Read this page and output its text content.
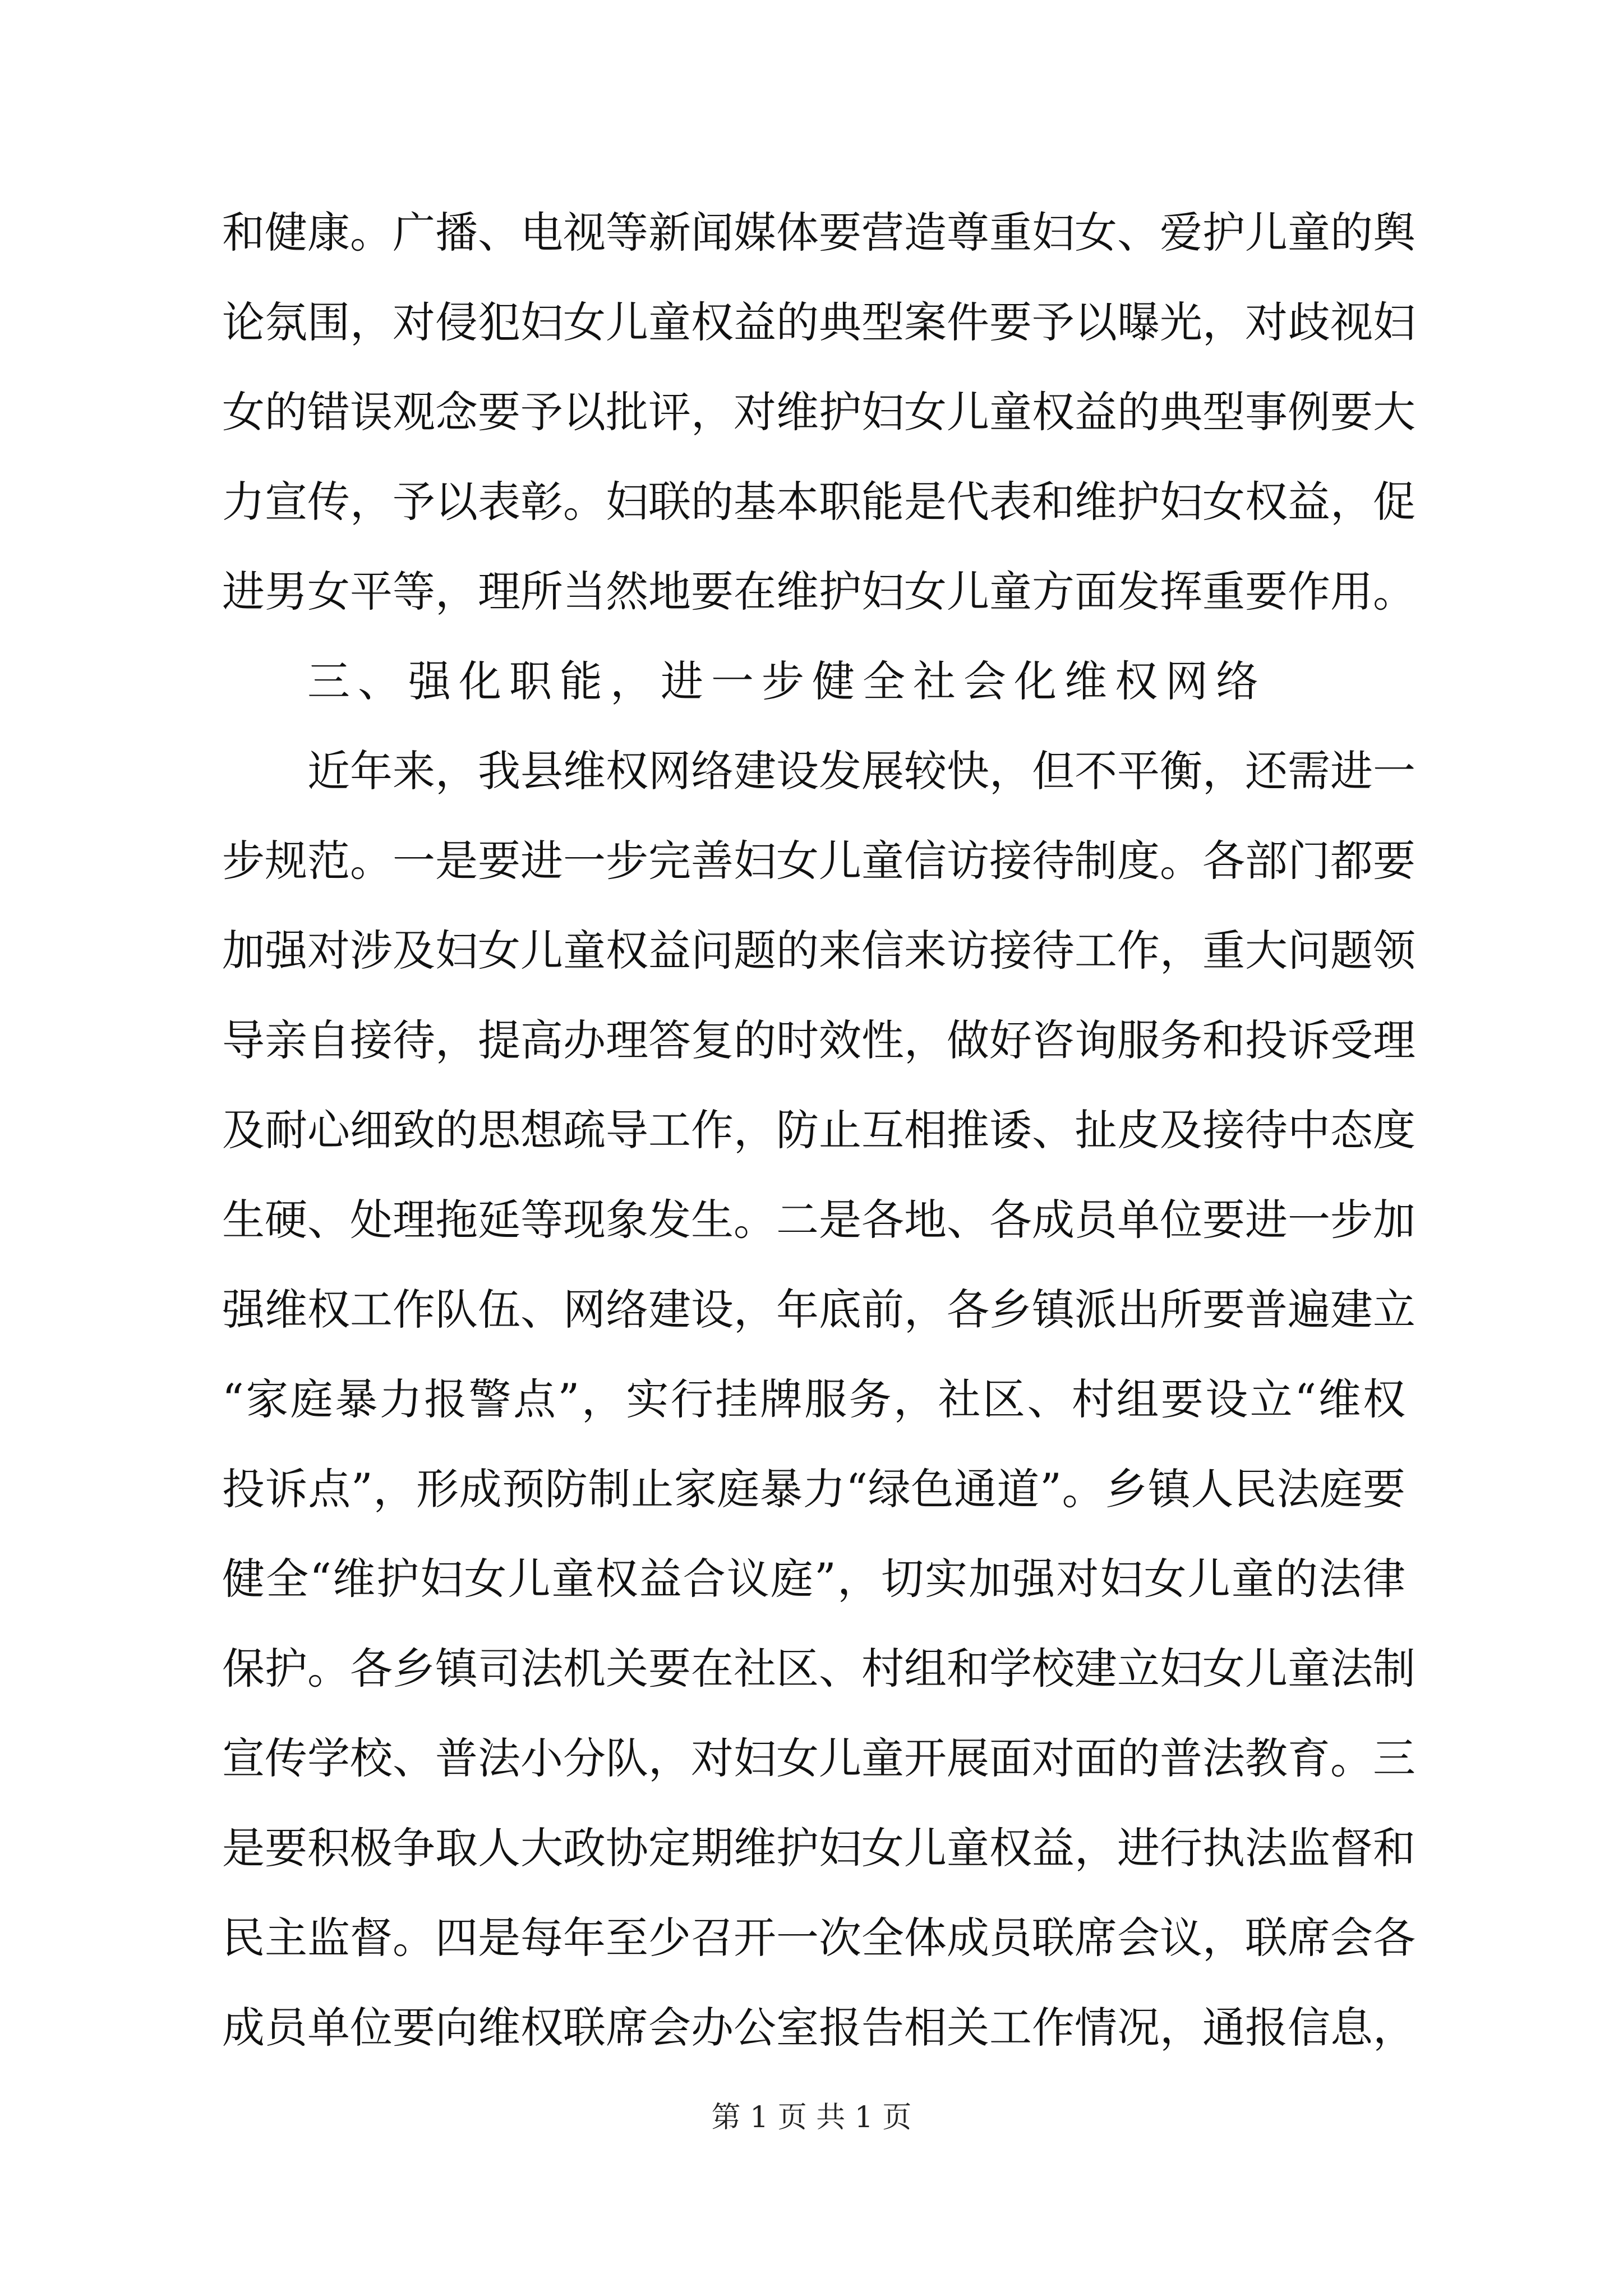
和健康。广播、电视等新闻媒体要营造尊重妇女、爱护儿童的舆
论氛围，对侵犯妇女儿童权益的典型案件要予以曝光，对歧视妇
女的错误观念要予以批评，对维护妇女儿童权益的典型事例要大
力宣传，予以表彰。妇联的基本职能是代表和维护妇女权益，促
进男女平等，理所当然地要在维护妇女儿童方面发挥重要作用。
三、强化职能，进一步健全社会化维权网络
近年来，我县维权网络建设发展较快，但不平衡，还需进一
步规范。一是要进一步完善妇女儿童信访接待制度。各部门都要
加强对涉及妇女儿童权益问题的来信来访接待工作，重大问题领
导亲自接待，提高办理答复的时效性，做好咨询服务和投诉受理
及耐心细致的思想疏导工作，防止互相推诿、扯皮及接待中态度
生硬、处理拖延等现象发生。二是各地、各成员单位要进一步加
强维权工作队伍、网络建设，年底前，各乡镇派出所要普遍建立
“家庭暴力报警点”，实行挂牌服务，社区、村组要设立“维权
投诉点”，形成预防制止家庭暴力“绿色通道”。乡镇人民法庭要
健全“维护妇女儿童权益合议庭”，切实加强对妇女儿童的法律
保护。各乡镇司法机关要在社区、村组和学校建立妇女儿童法制
宣传学校、普法小分队，对妇女儿童开展面对面的普法教育。三
是要积极争取人大政协定期维护妇女儿童权益，进行执法监督和
民主监督。四是每年至少召开一次全体成员联席会议，联席会各
成员单位要向维权联席会办公室报告相关工作情况，通报信息，
第 1 页 共 1 页
